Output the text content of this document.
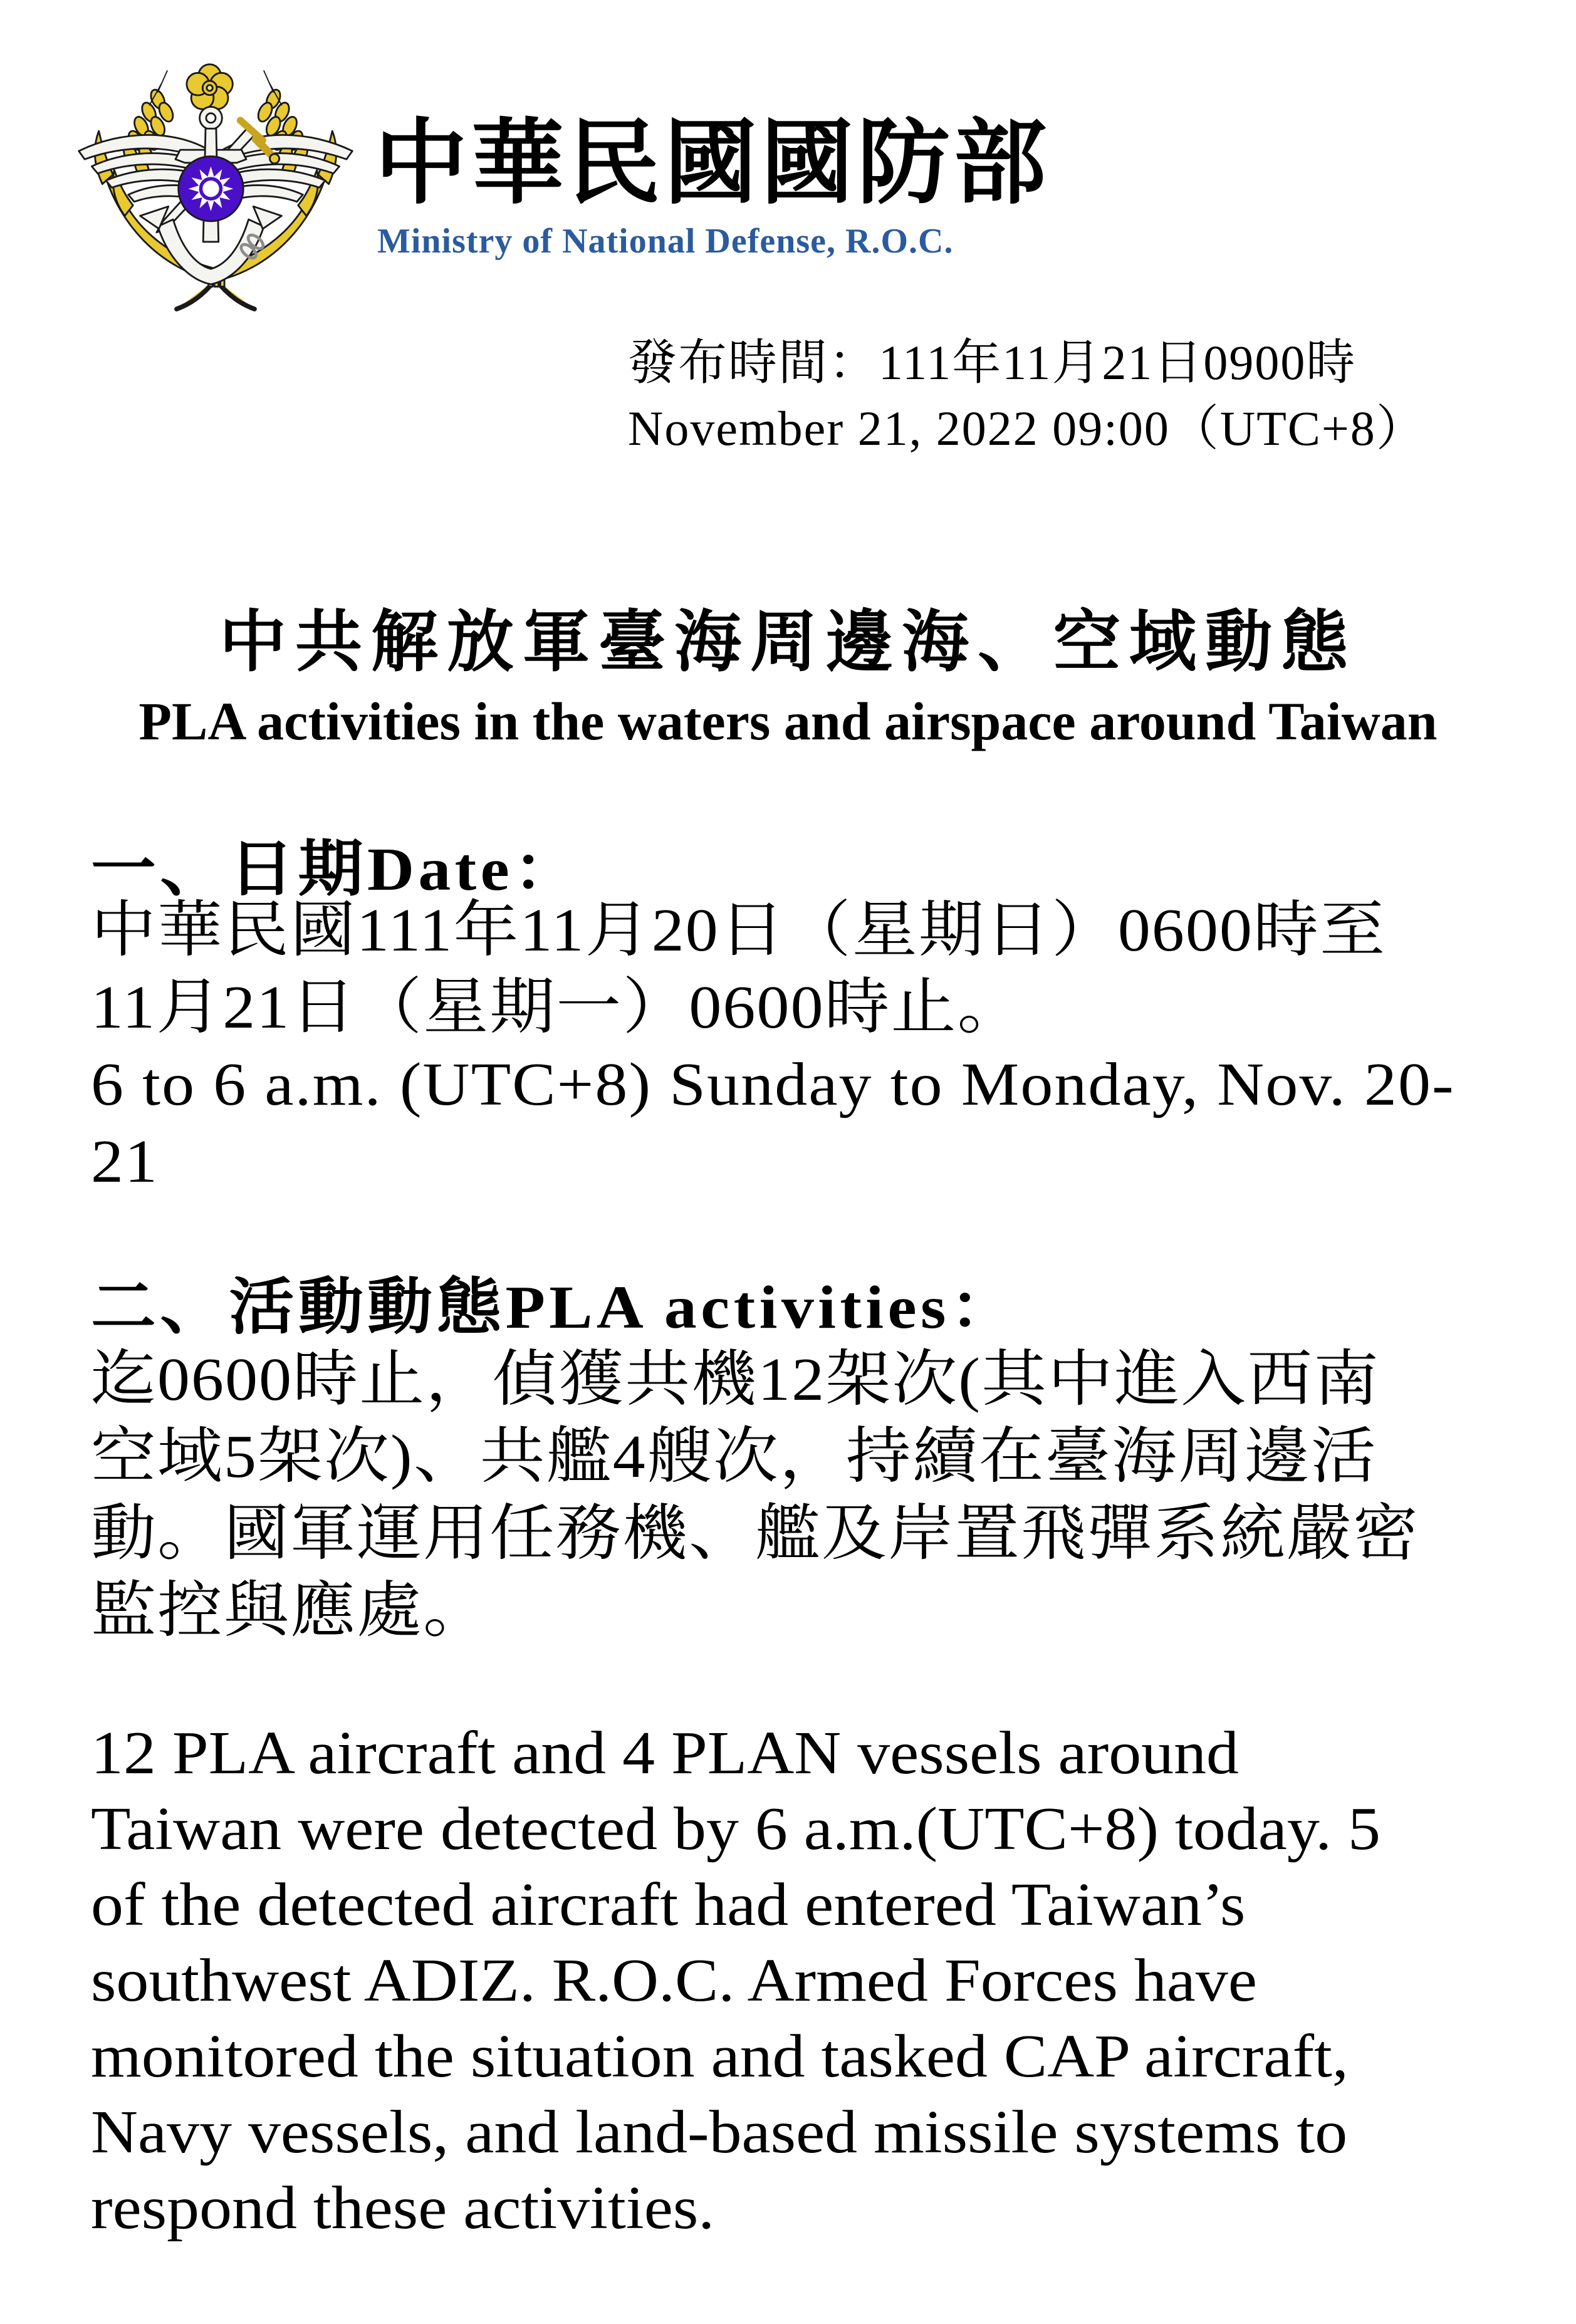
中華民國國防部
Ministry of National Defense, R.O.C.
發布時間：111年11月21日0900時
November 21, 2022 09:00（UTC+8）
中共解放軍臺海周邊海、空域動態
PLA activities in the waters and airspace around Taiwan
一、日期Date：
中華民國111年11月20日（星期日）0600時至
11月21日（星期一）0600時止。
6 to 6 a.m. (UTC+8) Sunday to Monday, Nov. 20-
21
二、活動動態PLA activities：
迄0600時止，偵獲共機12架次(其中進入西南
空域5架次)、共艦4艘次，持續在臺海周邊活
動。國軍運用任務機、艦及岸置飛彈系統嚴密
監控與應處。
12 PLA aircraft and 4 PLAN vessels around
Taiwan were detected by 6 a.m.(UTC+8) today. 5
of the detected aircraft had entered Taiwan’s
southwest ADIZ. R.O.C. Armed Forces have
monitored the situation and tasked CAP aircraft,
Navy vessels, and land-based missile systems to
respond these activities.
